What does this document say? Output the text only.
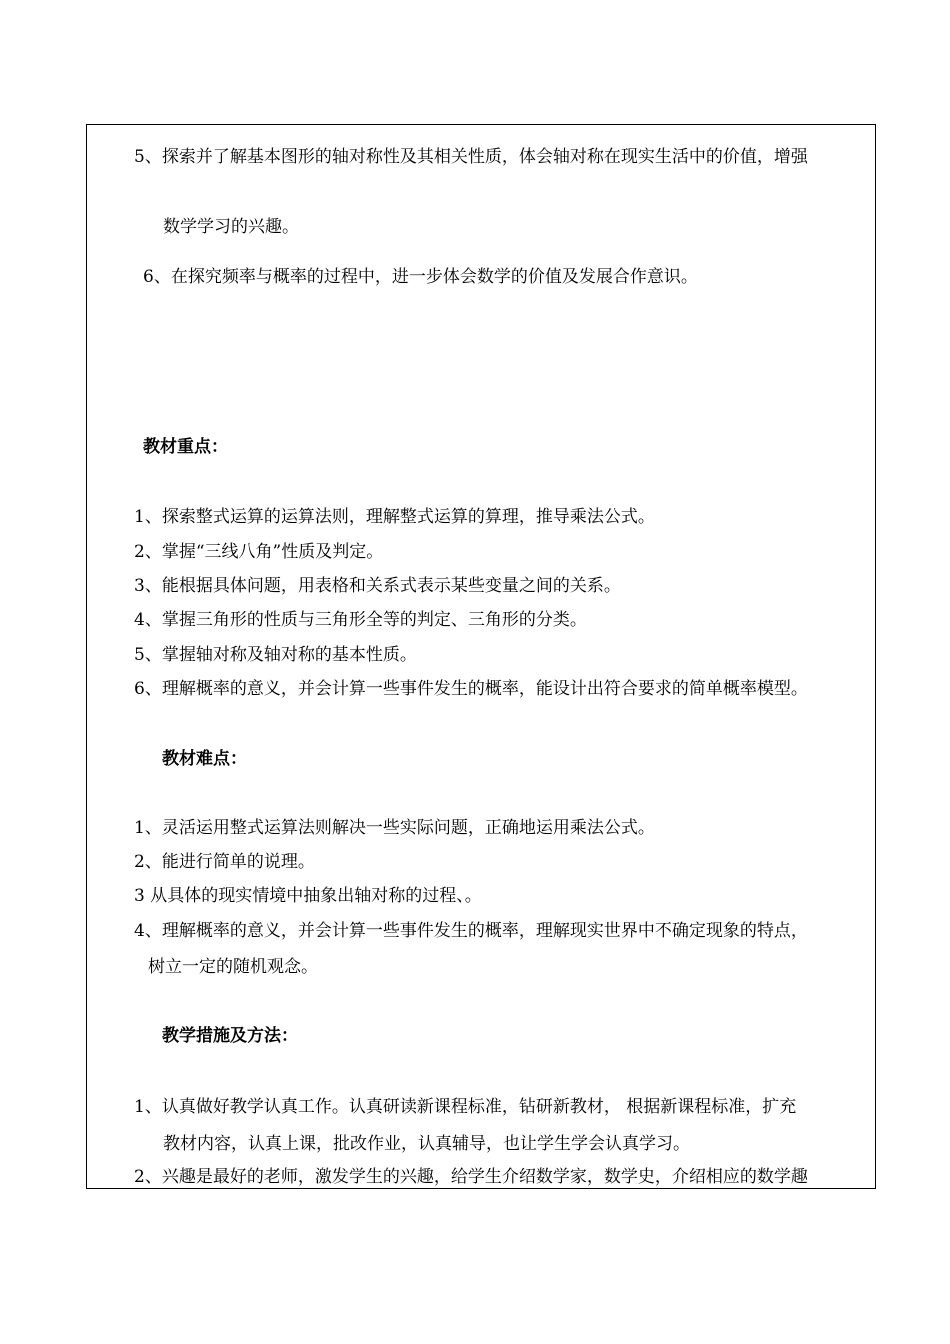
5、探索并了解基本图形的轴对称性及其相关性质，体会轴对称在现实生活中的价值，增强
数学学习的兴趣。
6、在探究频率与概率的过程中，进一步体会数学的价值及发展合作意识。
教材重点：
1、探索整式运算的运算法则，理解整式运算的算理，推导乘法公式。
2、掌握“三线八角”性质及判定。
3、能根据具体问题，用表格和关系式表示某些变量之间的关系。
4、掌握三角形的性质与三角形全等的判定、三角形的分类。
5、掌握轴对称及轴对称的基本性质。
6、理解概率的意义，并会计算一些事件发生的概率，能设计出符合要求的简单概率模型。
教材难点：
1、灵活运用整式运算法则解决一些实际问题，正确地运用乘法公式。
2、能进行简单的说理。
3 从具体的现实情境中抽象出轴对称的过程、。
4、理解概率的意义，并会计算一些事件发生的概率，理解现实世界中不确定现象的特点，
树立一定的随机观念。
教学措施及方法：
1、认真做好教学认真工作。认真研读新课程标准，钻研新教材， 根据新课程标准，扩充
教材内容，认真上课，批改作业，认真辅导，也让学生学会认真学习。
2、兴趣是最好的老师，激发学生的兴趣，给学生介绍数学家，数学史，介绍相应的数学趣
